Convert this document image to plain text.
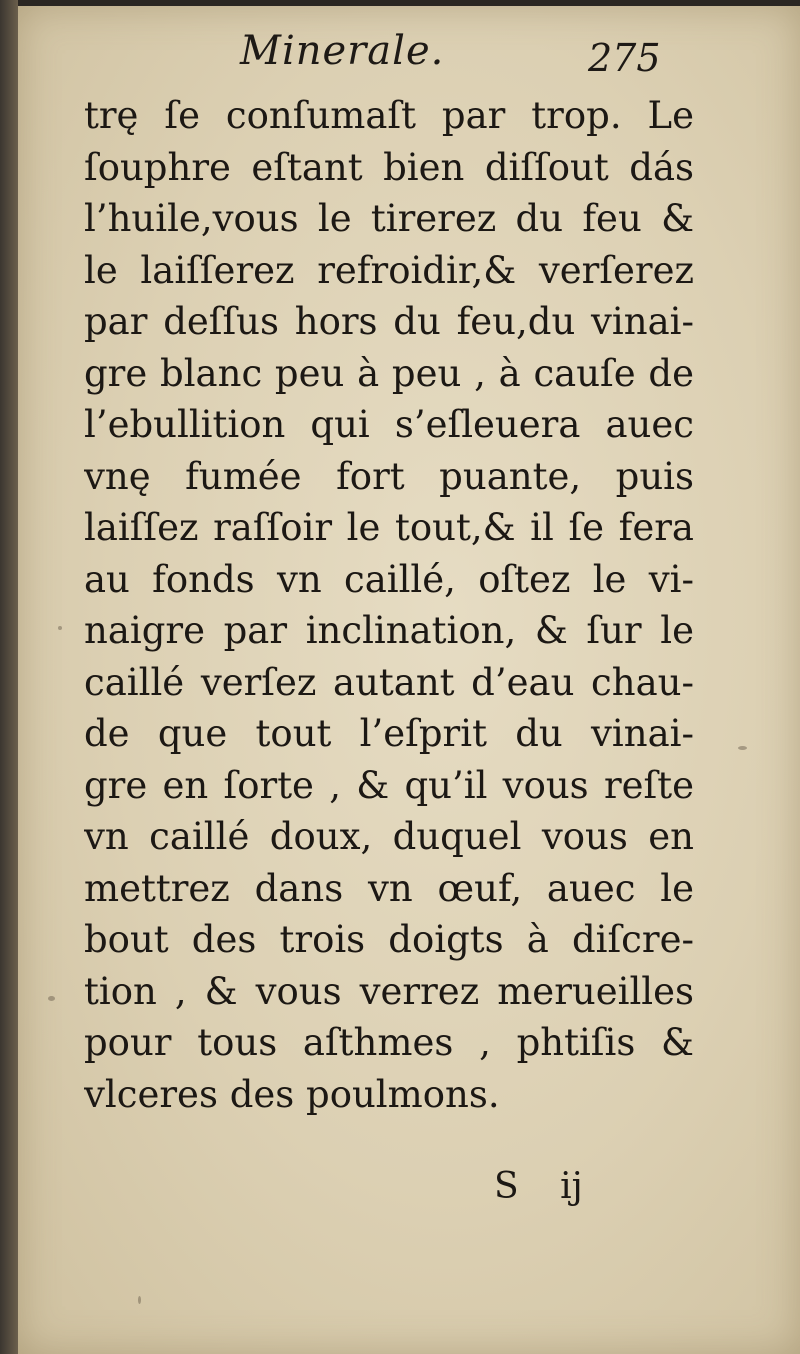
Minerale.	275
trę ſe conſumaſt par trop. Le
ſouphre eſtant bien diſſout dás
l’huile,vous le tirerez du feu &
le laiſſerez refroidir,& verſerez
par deſſus hors du feu,du vinai-
gre blanc peu à peu , à cauſe de
l’ebullition qui s’eſleuera auec
vnę fumée fort puante, puis
laiſſez raſſoir le tout,& il ſe fera
au fonds vn caillé, oſtez le vi-
naigre par inclination, & ſur le
caillé verſez autant d’eau chau-
de que tout l’eſprit du vinai-
gre en ſorte , & qu’il vous reſte
vn caillé doux, duquel vous en
mettrez dans vn œuf, auec le
bout des trois doigts à diſcre-
tion , & vous verrez merueilles
pour tous aſthmes , phtiſis &
vlceres des poulmons.
S ij
